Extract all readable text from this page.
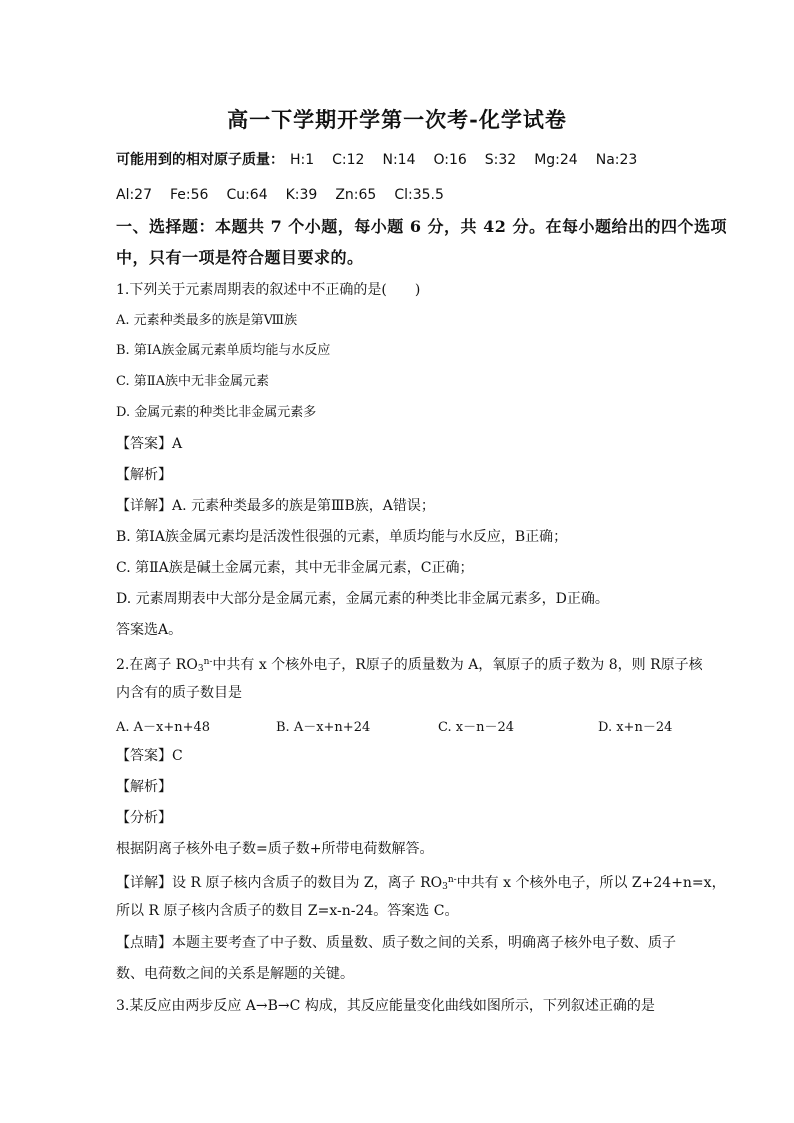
高一下学期开学第一次考-化学试卷
可能用到的相对原子质量： H:1 C:12 N:14 O:16 S:32 Mg:24 Na:23
Al:27 Fe:56 Cu:64 K:39 Zn:65 Cl:35.5
一、选择题：本题共 7 个小题，每小题 6 分，共 42 分。在每小题给出的四个选项
中，只有一项是符合题目要求的。
1.下列关于元素周期表的叙述中不正确的是(　　)
A. 元素种类最多的族是第Ⅷ族
B. 第ⅠA族金属元素单质均能与水反应
C. 第ⅡA族中无非金属元素
D. 金属元素的种类比非金属元素多
【答案】A
【解析】
【详解】A. 元素种类最多的族是第ⅢB族，A错误；
B. 第ⅠA族金属元素均是活泼性很强的元素，单质均能与水反应，B正确；
C. 第ⅡA族是碱土金属元素，其中无非金属元素，C正确；
D. 元素周期表中大部分是金属元素，金属元素的种类比非金属元素多，D正确。
答案选A。
2.在离子 $RO_3^{n-}$中共有 x 个核外电子，R原子的质量数为 A，氧原子的质子数为 8，则 R原子核
内含有的质子数目是
A. A－x+n+48	B. A－x+n+24	C. x－n－24	D. x+n－24
【答案】C
【解析】
【分析】
根据阴离子核外电子数=质子数+所带电荷数解答。
【详解】设 R 原子核内含质子的数目为 Z，离子 $RO_3^{n-}$中共有 x 个核外电子，所以 Z+24+n=x，
所以 R 原子核内含质子的数目 Z=x-n-24。答案选 C。
【点睛】本题主要考查了中子数、质量数、质子数之间的关系，明确离子核外电子数、质子
数、电荷数之间的关系是解题的关键。
3.某反应由两步反应 A→B→C 构成，其反应能量变化曲线如图所示，下列叙述正确的是
